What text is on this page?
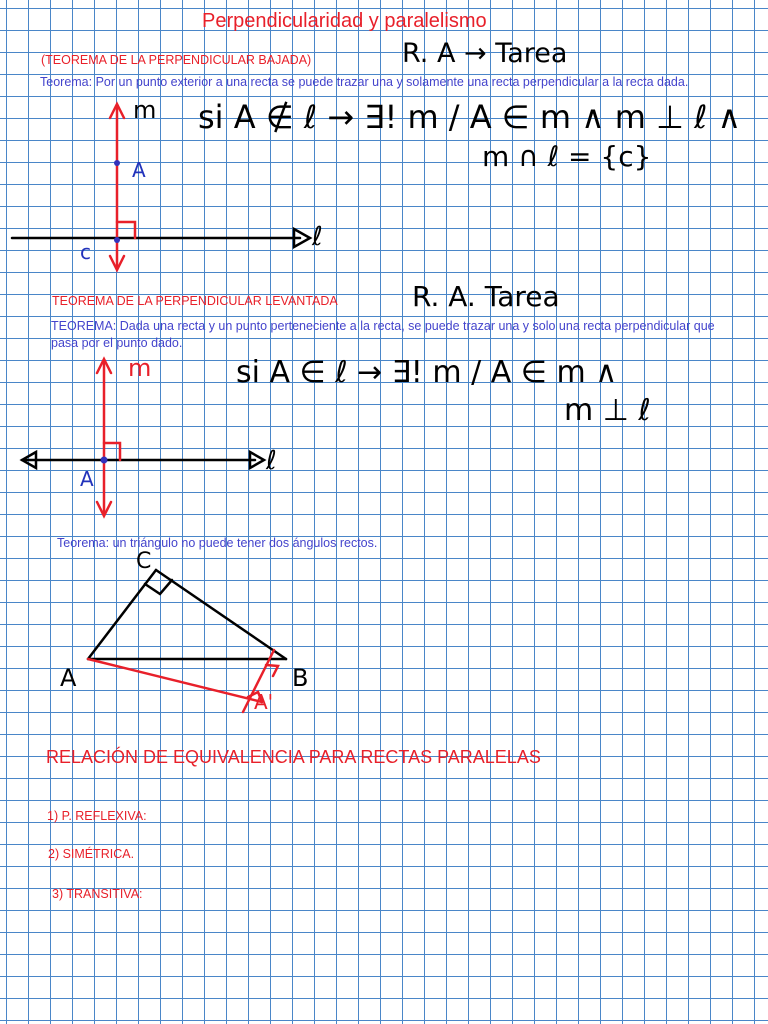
Perpendicularidad y paralelismo
(TEOREMA DE LA PERPENDICULAR BAJADA)	R. A → Tarea
Teorema: Por un punto exterior a una recta se puede trazar una y solamente una recta perpendicular a la recta dada.
si A ∉ ℓ → ∃! m / A ∈ m ∧ m ⊥ ℓ ∧
m ∩ ℓ = {c}
TEOREMA DE LA PERPENDICULAR LEVANTADA	R. A. Tarea
TEOREMA: Dada una recta y un punto perteneciente a la recta, se puede trazar una y solo una recta perpendicular que pasa por el punto dado.
si A ∈ ℓ → ∃! m / A ∈ m ∧
m ⊥ ℓ
Teorema: un triángulo no puede tener dos ángulos rectos.
RELACIÓN DE EQUIVALENCIA PARA RECTAS PARALELAS
1) P. REFLEXIVA:
2) SIMÉTRICA.
3) TRANSITIVA:
m
A
c	ℓ
m
A
ℓ
C
A	B
A'
